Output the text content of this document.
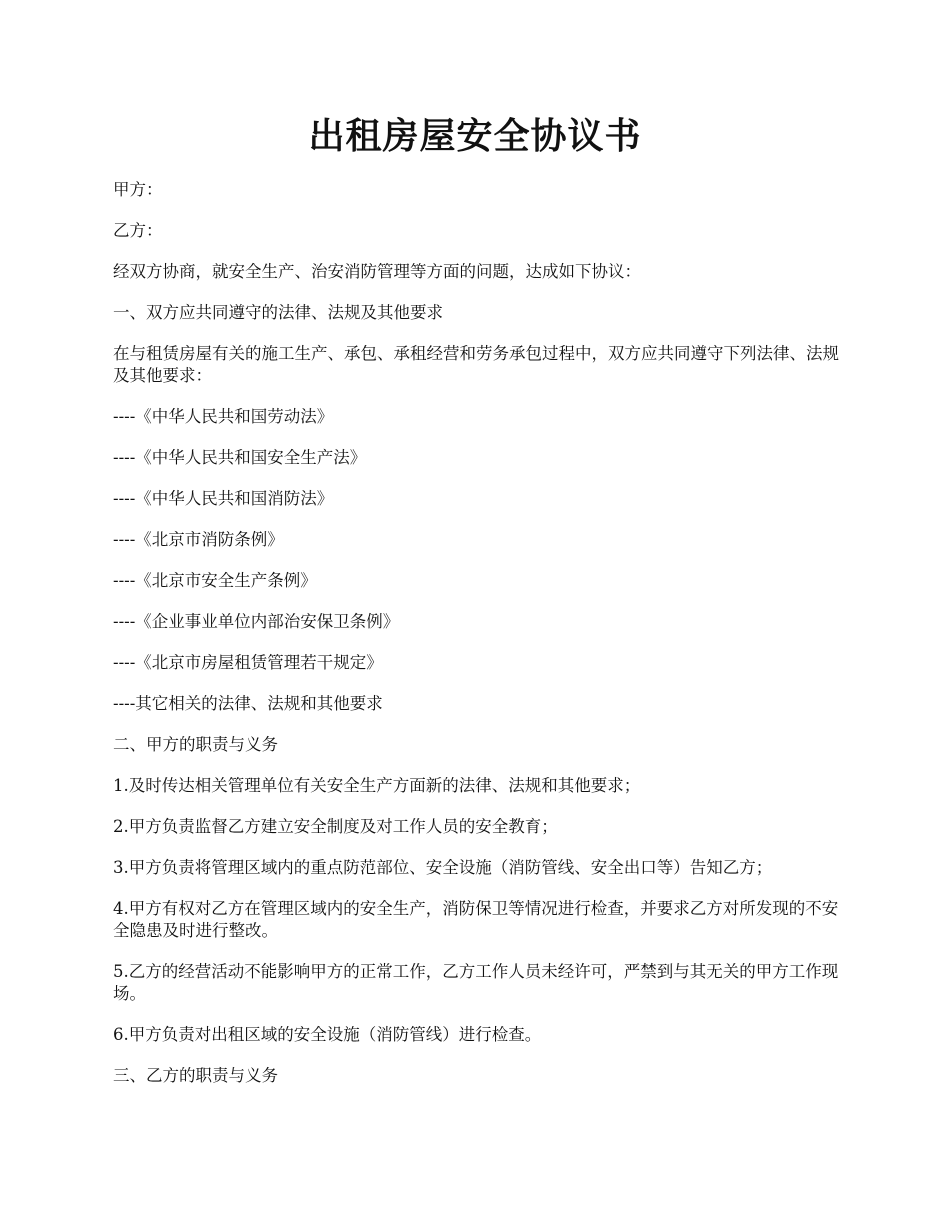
出租房屋安全协议书

甲方：

乙方：

经双方协商，就安全生产、治安消防管理等方面的问题，达成如下协议：

一、双方应共同遵守的法律、法规及其他要求

在与租赁房屋有关的施工生产、承包、承租经营和劳务承包过程中，双方应共同遵守下列法律、法规及其他要求：

----《中华人民共和国劳动法》

----《中华人民共和国安全生产法》

----《中华人民共和国消防法》

----《北京市消防条例》

----《北京市安全生产条例》

----《企业事业单位内部治安保卫条例》

----《北京市房屋租赁管理若干规定》

----其它相关的法律、法规和其他要求

二、甲方的职责与义务

1.及时传达相关管理单位有关安全生产方面新的法律、法规和其他要求；

2.甲方负责监督乙方建立安全制度及对工作人员的安全教育；

3.甲方负责将管理区域内的重点防范部位、安全设施（消防管线、安全出口等）告知乙方；

4.甲方有权对乙方在管理区域内的安全生产，消防保卫等情况进行检查，并要求乙方对所发现的不安全隐患及时进行整改。

5.乙方的经营活动不能影响甲方的正常工作，乙方工作人员未经许可，严禁到与其无关的甲方工作现场。

6.甲方负责对出租区域的安全设施（消防管线）进行检查。

三、乙方的职责与义务
